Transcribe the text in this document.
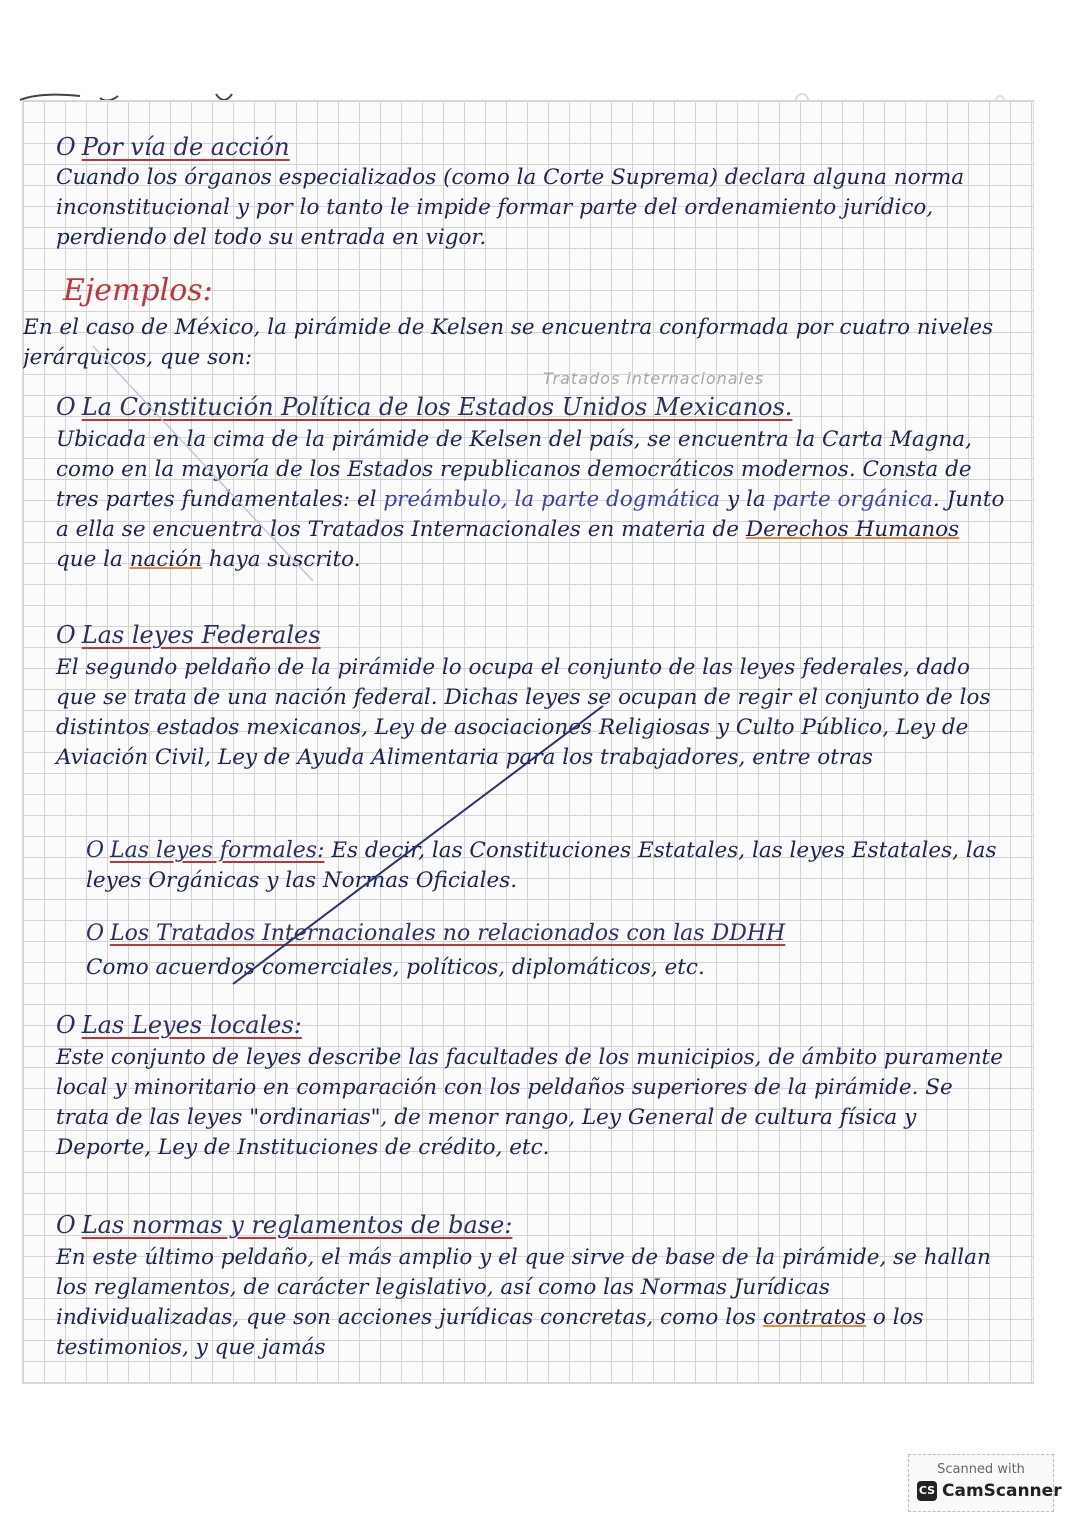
O Por vía de acción
Cuando los órganos especializados (como la Corte Suprema) declara alguna norma inconstitucional y por lo tanto le impide formar parte del ordenamiento jurídico, perdiendo del todo su entrada en vigor.
Ejemplos:
En el caso de México, la pirámide de Kelsen se encuentra conformada por cuatro niveles jerárquicos, que son:
Tratados internacionales
O La Constitución Política de los Estados Unidos Mexicanos.
Ubicada en la cima de la pirámide de Kelsen del país, se encuentra la Carta Magna, como en la mayoría de los Estados republicanos democráticos modernos. Consta de tres partes fundamentales: el preámbulo, la parte dogmática y la parte orgánica. Junto a ella se encuentra los Tratados Internacionales en materia de Derechos Humanos que la nación haya suscrito.
O Las leyes Federales
El segundo peldaño de la pirámide lo ocupa el conjunto de las leyes federales, dado que se trata de una nación federal. Dichas leyes se ocupan de regir el conjunto de los distintos estados mexicanos, Ley de asociaciones Religiosas y Culto Público, Ley de Aviación Civil, Ley de Ayuda Alimentaria para los trabajadores, entre otras
O Las leyes formales: Es decir, las Constituciones Estatales, las leyes Estatales, las leyes Orgánicas y las Normas Oficiales.
O Los Tratados Internacionales no relacionados con las DDHH
Como acuerdos comerciales, políticos, diplomáticos, etc.
O Las Leyes locales:
Este conjunto de leyes describe las facultades de los municipios, de ámbito puramente local y minoritario en comparación con los peldaños superiores de la pirámide. Se trata de las leyes "ordinarias", de menor rango, Ley General de cultura física y Deporte, Ley de Instituciones de crédito, etc.
O Las normas y reglamentos de base:
En este último peldaño, el más amplio y el que sirve de base de la pirámide, se hallan los reglamentos, de carácter legislativo, así como las Normas Jurídicas individualizadas, que son acciones jurídicas concretas, como los contratos o los testimonios, y que jamás
Scanned with
CS CamScanner
